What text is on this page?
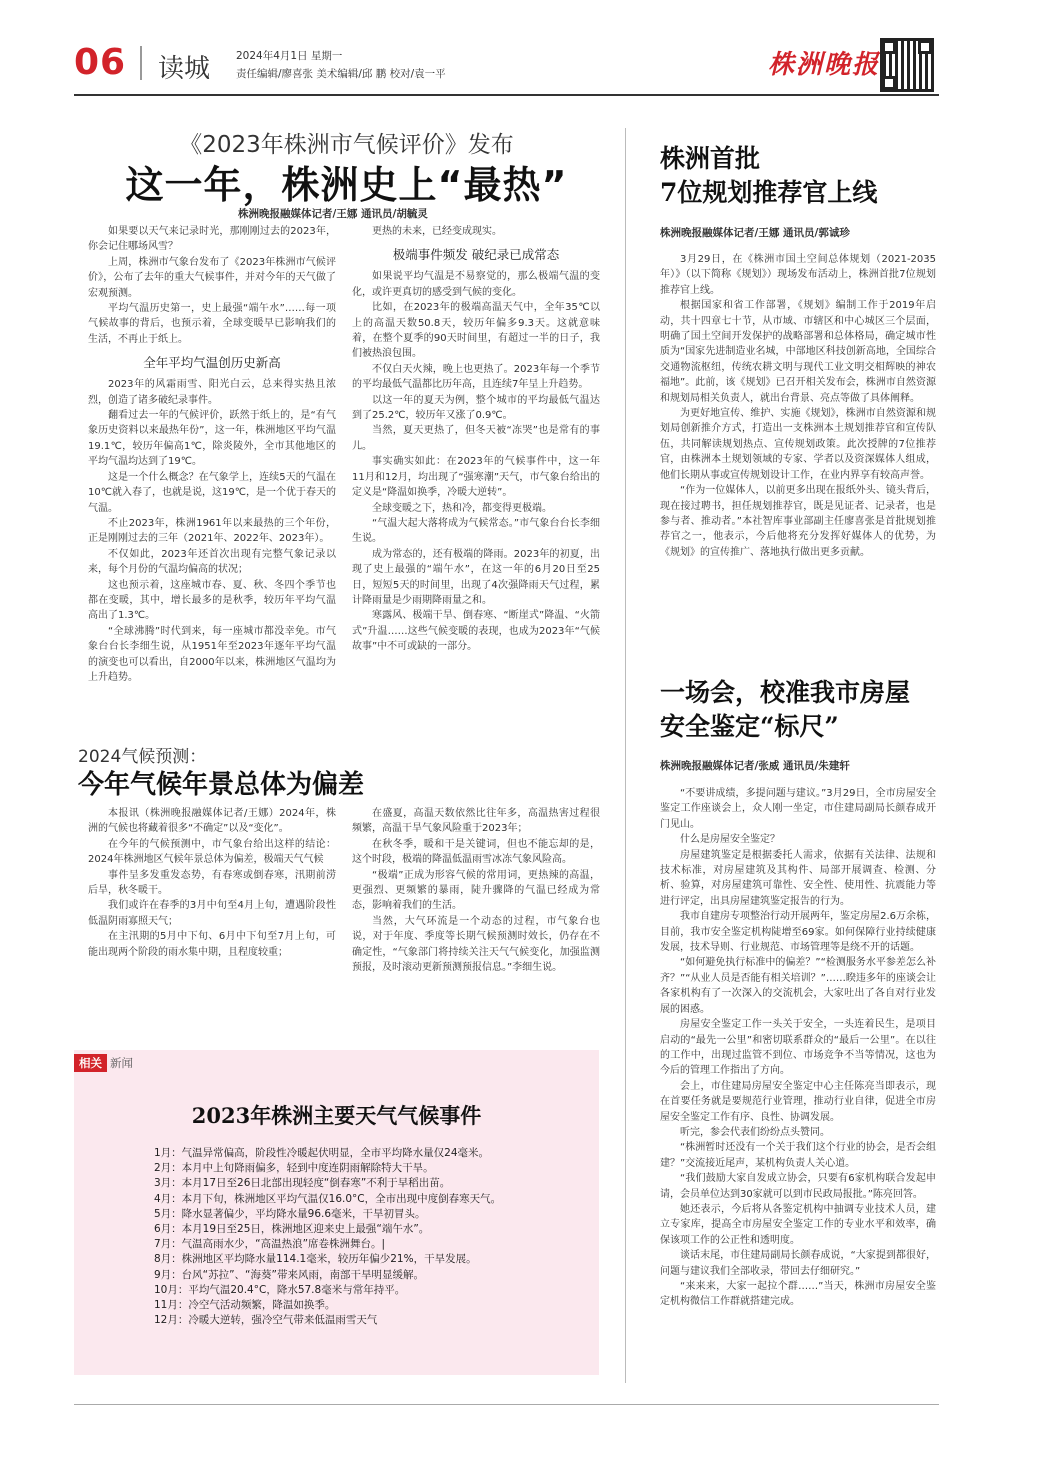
06 读城 2024年4月1日 星期一
责任编辑/廖喜张 美术编辑/邱 鹏 校对/袁一平	株洲晚报
《2023年株洲市气候评价》发布
这一年，株洲史上“最热”
株洲晚报融媒体记者/王娜 通讯员/胡毓灵

如果要以天气来记录时光，那刚刚过去的2023年，你会记住哪场风雪？

上周，株洲市气象台发布了《2023年株洲市气候评价》，公布了去年的重大气候事件，并对今年的天气做了宏观预测。

平均气温历史第一，史上最强“端午水”……每一项气候故事的背后，也预示着，全球变暖早已影响我们的生活，不再止于纸上。

全年平均气温创历史新高

2023年的风霜雨雪、阳光白云，总来得实热且浓烈，创造了诸多破纪录事件。

翻看过去一年的气候评价，跃然于纸上的，是“有气象历史资料以来最热年份”，这一年，株洲地区平均气温19.1℃，较历年偏高1℃，除炎陵外，全市其他地区的平均气温均达到了19℃。

这是一个什么概念？在气象学上，连续5天的气温在10℃就入春了，也就是说，这19℃，是一个优于春天的气温。

不止2023年，株洲1961年以来最热的三个年份，正是刚刚过去的三年（2021年、2022年、2023年）。

不仅如此，2023年还首次出现有完整气象记录以来，每个月份的气温均偏高的状况；

这也预示着，这座城市春、夏、秋、冬四个季节也都在变暖，其中，增长最多的是秋季，较历年平均气温高出了1.3℃。

“全球沸腾”时代到来，每一座城市都没幸免。市气象台台长李细生说，从1951年至2023年逐年平均气温的演变也可以看出，自2000年以来，株洲地区气温均为上升趋势。

更热的未来，已经变成现实。

极端事件频发 破纪录已成常态

如果说平均气温是不易察觉的，那么极端气温的变化，或许更真切的感受到气候的变化。

比如，在2023年的极端高温天气中，全年35℃以上的高温天数50.8天，较历年偏多9.3天。这就意味着，在整个夏季的90天时间里，有超过一半的日子，我们被热浪包围。

不仅白天火辣，晚上也更热了。2023年每一个季节的平均最低气温都比历年高，且连续7年呈上升趋势。

以这一年的夏天为例，整个城市的平均最低气温达到了25.2℃，较历年又涨了0.9℃。

当然，夏天更热了，但冬天被“冻哭”也是常有的事儿。

事实确实如此：在2023年的气候事件中，这一年11月和12月，均出现了“强寒潮”天气，市气象台给出的定义是“降温如换季，冷暖大逆转”。

全球变暖之下，热和冷，都变得更极端。

“气温大起大落将成为气候常态。”市气象台台长李细生说。

成为常态的，还有极端的降雨。2023年的初夏，出现了史上最强的“端午水”，在这一年的6月20日至25日，短短5天的时间里，出现了4次强降雨天气过程，累计降雨量是少雨期降雨量之和。

寒露风、极端干旱、倒春寒、“断崖式”降温、“火箭式”升温……这些气候变暖的表现，也成为2023年“气候故事”中不可或缺的一部分。

2024气候预测：
今年气候年景总体为偏差

本报讯（株洲晚报融媒体记者/王娜）2024年，株洲的气候也将藏着很多“不确定”以及“变化”。

在今年的气候预测中，市气象台给出这样的结论：2024年株洲地区气候年景总体为偏差，极端天气气候

事件呈多发重发态势，有春寒或倒春寒，汛期前涝后旱，秋冬暖干。

我们或许在春季的3月中旬至4月上旬，遭遇阶段性低温阴雨寡照天气；

在主汛期的5月中下旬、6月中下旬至7月上旬，可能出现两个阶段的雨水集中期，且程度较重；

在盛夏，高温天数依然比往年多，高温热害过程很频繁，高温干旱气象风险重于2023年；

在秋冬季，暖和干是关键词，但也不能忘却的是，这个时段，极端的降温低温雨雪冰冻气象风险高。

“极端”正成为形容气候的常用词，更热辣的高温，更强烈、更频繁的暴雨，陡升骤降的气温已经成为常态，影响着我们的生活。

当然，大气环流是一个动态的过程，市气象台也说，对于年度、季度等长期气候预测时效长，仍存在不确定性，“气象部门将持续关注天气气候变化，加强监测预报，及时滚动更新预测预报信息。”李细生说。

相关 新闻
2023年株洲主要天气气候事件
1月：气温异常偏高，阶段性冷暖起伏明显，全市平均降水量仅24毫米。
2月：本月中上旬降雨偏多，轻到中度连阴雨解除特大干旱。
3月：本月17日至26日北部出现轻度“倒春寒”不利于早稻出苗。
4月：本月下旬，株洲地区平均气温仅16.0°C，全市出现中度倒春寒天气。
5月：降水显著偏少，平均降水量96.6毫米，干旱初冒头。
6月：本月19日至25日，株洲地区迎来史上最强“端午水”。
7月：气温高雨水少，“高温热浪”席卷株洲舞台。|
8月：株洲地区平均降水量114.1毫米，较历年偏少21%，干旱发展。
9月：台风“苏拉”、“海葵”带来风雨，南部干旱明显缓解。
10月：平均气温20.4°C，降水57.8毫米与常年持平。
11月：冷空气活动频繁，降温如换季。
12月：冷暖大逆转，强冷空气带来低温雨雪天气
株洲首批
7位规划推荐官上线
株洲晚报融媒体记者/王娜 通讯员/郭诚珍

3月29日，在《株洲市国土空间总体规划（2021-2035年）》（以下简称《规划》）现场发布活动上，株洲首批7位规划推荐官上线。

根据国家和省工作部署，《规划》编制工作于2019年启动，共十四章七十节，从市域、市辖区和中心城区三个层面，明确了国土空间开发保护的战略部署和总体格局，确定城市性质为“国家先进制造业名城，中部地区科技创新高地，全国综合交通物流枢纽，传统农耕文明与现代工业文明交相辉映的神农福地”。此前，该《规划》已召开相关发布会，株洲市自然资源和规划局相关负责人，就出台背景、亮点等做了具体阐释。

为更好地宣传、维护、实施《规划》，株洲市自然资源和规划局创新推介方式，打造出一支株洲本土规划推荐官和宣传队伍，共同解读规划热点、宣传规划政策。此次授牌的7位推荐官，由株洲本土规划领域的专家、学者以及资深媒体人组成，他们长期从事或宣传规划设计工作，在业内界享有较高声誉。

“作为一位媒体人，以前更多出现在报纸外头、镜头背后，现在接过聘书，担任规划推荐官，既是见证者、记录者，也是参与者、推动者。”本社智库事业部副主任廖喜张是首批规划推荐官之一，他表示，今后他将充分发挥好媒体人的优势，为《规划》的宣传推广、落地执行做出更多贡献。

一场会，校准我市房屋
安全鉴定“标尺”
株洲晚报融媒体记者/张威 通讯员/朱建轩

“不要讲成绩，多提问题与建议。”3月29日，全市房屋安全鉴定工作座谈会上，众人刚一坐定，市住建局副局长颜春成开门见山。

什么是房屋安全鉴定？

房屋建筑鉴定是根据委托人需求，依据有关法律、法规和技术标准，对房屋建筑及其构件、局部开展调查、检测、分析、验算，对房屋建筑可靠性、安全性、使用性、抗震能力等进行评定，出具房屋建筑鉴定报告的行为。

我市自建房专项整治行动开展两年，鉴定房屋2.6万余栋，目前，我市安全鉴定机构陡增至69家。如何保障行业持续健康发展，技术导则、行业规范、市场管理等是绕不开的话题。

“如何避免执行标准中的偏差？”“检测服务水平参差怎么补齐？”“从业人员是否能有相关培训？”……睽违多年的座谈会让各家机构有了一次深入的交流机会，大家吐出了各自对行业发展的困惑。

房屋安全鉴定工作一头关于安全，一头连着民生，是项目启动的“最先一公里”和密切联系群众的“最后一公里”。在以往的工作中，出现过监管不到位、市场竞争不当等情况，这也为今后的管理工作指出了方向。

会上，市住建局房屋安全鉴定中心主任陈亮当即表示，现在首要任务就是要规范行业管理，推动行业自律，促进全市房屋安全鉴定工作有序、良性、协调发展。

听完，参会代表们纷纷点头赞同。

“株洲暂时还没有一个关于我们这个行业的协会，是否会组建？”交流接近尾声，某机构负责人关心道。

“我们鼓励大家自发成立协会，只要有6家机构联合发起申请，会员单位达到30家就可以到市民政局报批。”陈亮回答。

她还表示，今后将从各鉴定机构中抽调专业技术人员，建立专家库，提高全市房屋安全鉴定工作的专业水平和效率，确保该项工作的公正性和透明度。

谈话末尾，市住建局副局长颜春成说，“大家提到都很好，问题与建议我们全部收录，带回去仔细研究。”

“来来来，大家一起拉个群……”当天，株洲市房屋安全鉴定机构微信工作群就搭建完成。
